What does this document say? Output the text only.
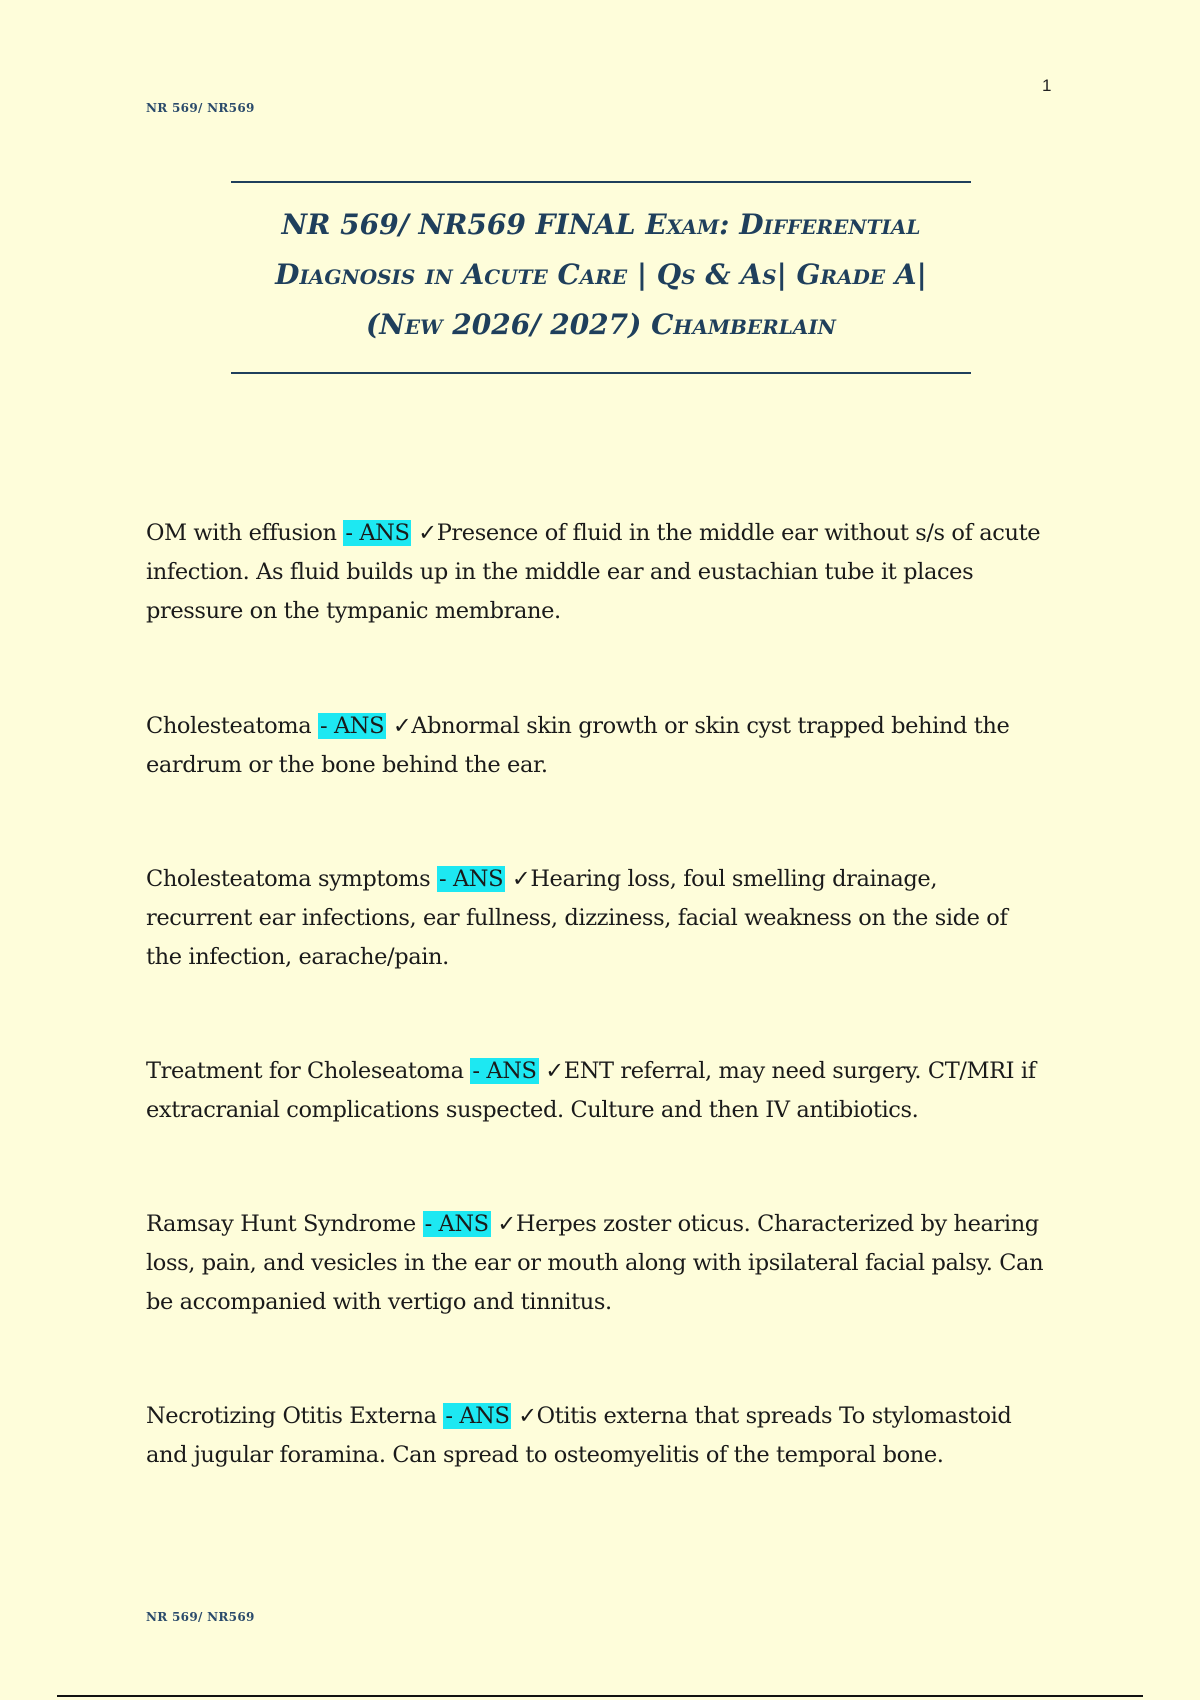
NR 569/ NR569
1
NR 569/ NR569 FINAL Exam: Differential
Diagnosis in Acute Care | Qs & As| Grade A|
(New 2026/ 2027) Chamberlain

OM with effusion - ANS ✓Presence of fluid in the middle ear without s/s of acute infection. As fluid builds up in the middle ear and eustachian tube it places pressure on the tympanic membrane.

Cholesteatoma - ANS ✓Abnormal skin growth or skin cyst trapped behind the eardrum or the bone behind the ear.

Cholesteatoma symptoms - ANS ✓Hearing loss, foul smelling drainage, recurrent ear infections, ear fullness, dizziness, facial weakness on the side of the infection, earache/pain.

Treatment for Choleseatoma - ANS ✓ENT referral, may need surgery. CT/MRI if extracranial complications suspected. Culture and then IV antibiotics.

Ramsay Hunt Syndrome - ANS ✓Herpes zoster oticus. Characterized by hearing loss, pain, and vesicles in the ear or mouth along with ipsilateral facial palsy. Can be accompanied with vertigo and tinnitus.

Necrotizing Otitis Externa - ANS ✓Otitis externa that spreads To stylomastoid and jugular foramina. Can spread to osteomyelitis of the temporal bone.

NR 569/ NR569
